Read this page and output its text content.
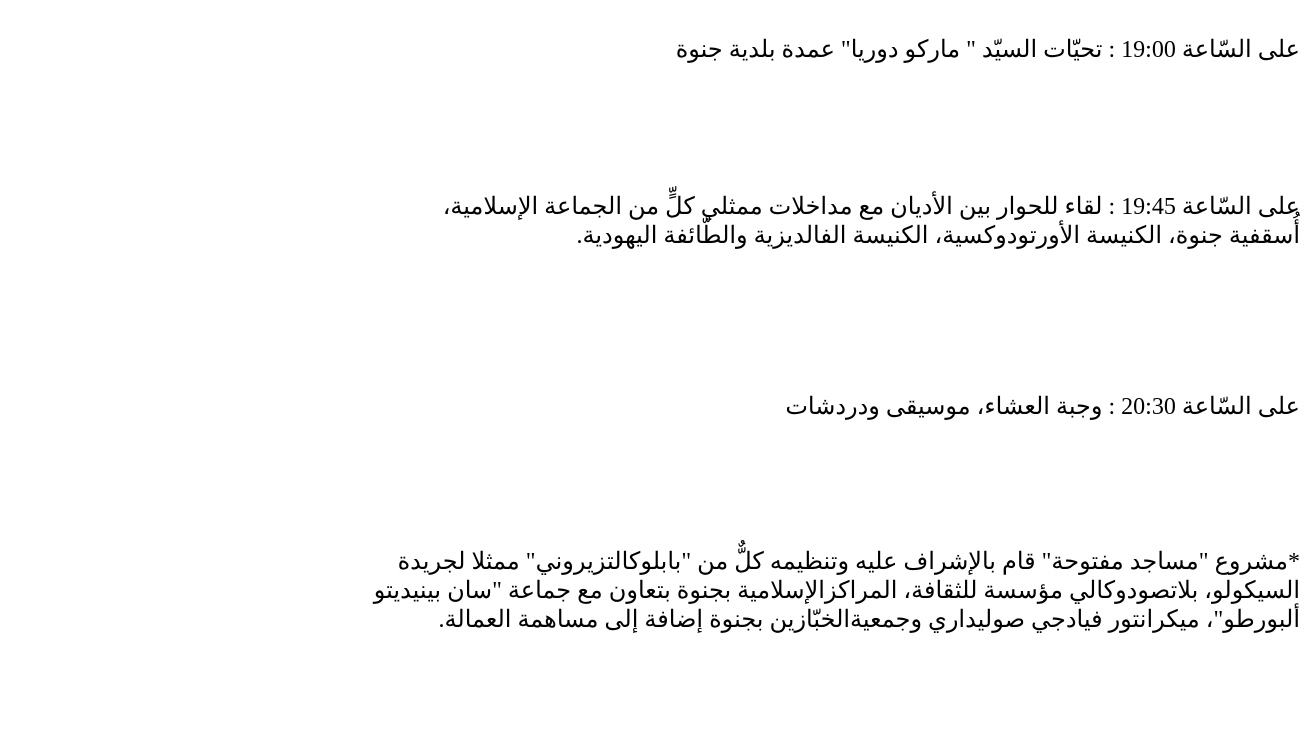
على السّاعة 19:00 : تحيّات السيّد " ماركو دوريا" عمدة بلدية جنوة
على السّاعة 19:45 : لقاء للحوار بين الأديان مع مداخلات ممثلي كلٍّ من الجماعة الإسلامية،
أُسقفية جنوة، الكنيسة الأورتودوكسية، الكنيسة الفالديزية والطّائفة اليهودية.
على السّاعة 20:30 : وجبة العشاء، موسيقى ودردشات
*مشروع "مساجد مفتوحة" قام بالإشراف عليه وتنظيمه كلٌّ من "بابلوكالتزيروني" ممثلا لجريدة
السيكولو، بلاتصودوكالي مؤسسة للثقافة، المراكزالإسلامية بجنوة بتعاون مع جماعة "سان بينيديتو
ألبورطو"، ميكرانتور فيادجي صوليداري وجمعيةالخبّازين بجنوة إضافة إلى مساهمة العمالة.
